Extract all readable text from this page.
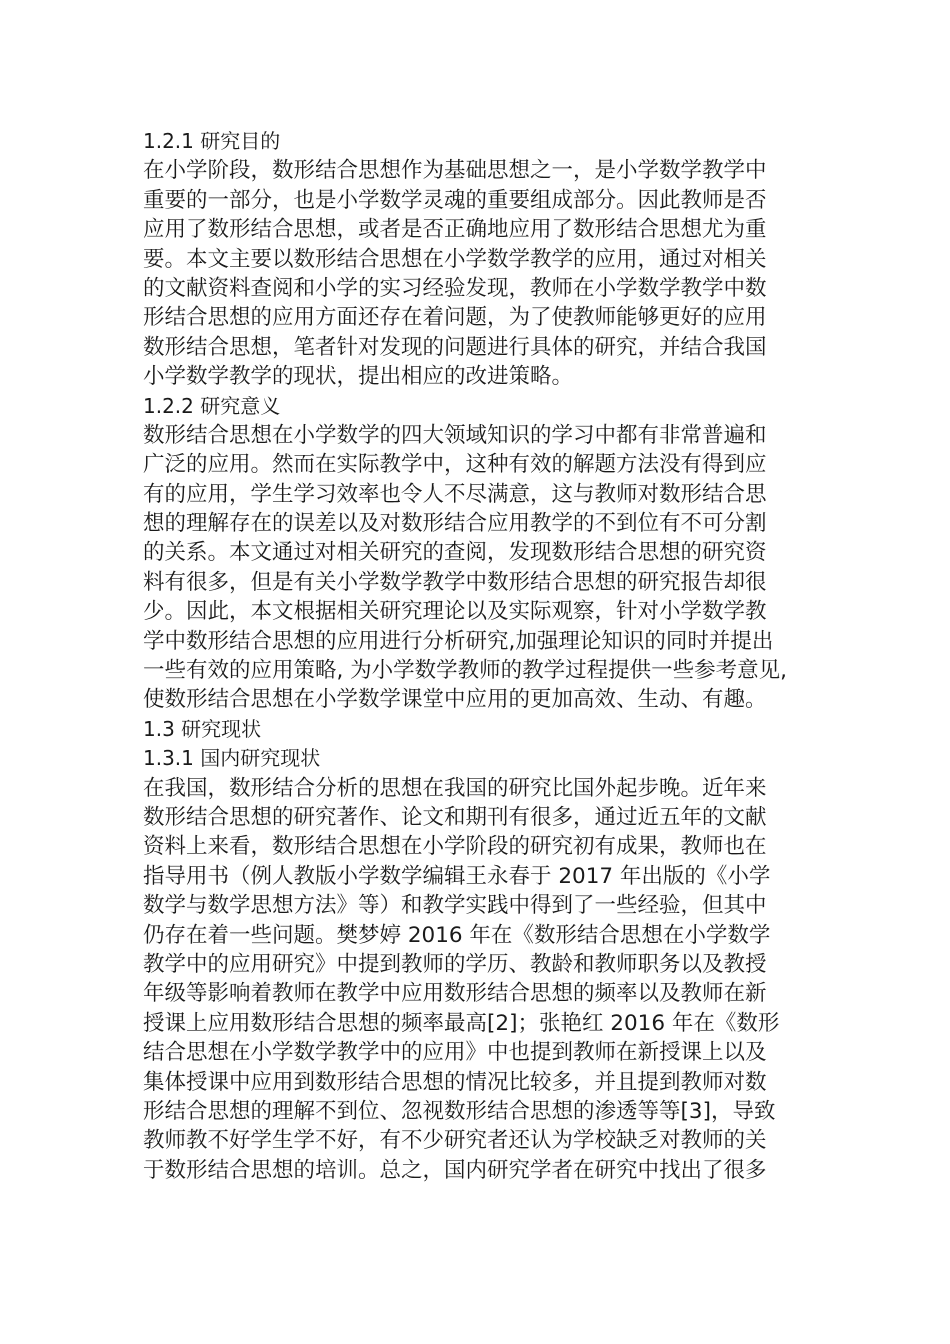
1.2.1 研究目的
在小学阶段，数形结合思想作为基础思想之一，是小学数学教学中
重要的一部分，也是小学数学灵魂的重要组成部分。因此教师是否
应用了数形结合思想，或者是否正确地应用了数形结合思想尤为重
要。本文主要以数形结合思想在小学数学教学的应用，通过对相关
的文献资料查阅和小学的实习经验发现，教师在小学数学教学中数
形结合思想的应用方面还存在着问题，为了使教师能够更好的应用
数形结合思想，笔者针对发现的问题进行具体的研究，并结合我国
小学数学教学的现状，提出相应的改进策略。
1.2.2 研究意义
数形结合思想在小学数学的四大领域知识的学习中都有非常普遍和
广泛的应用。然而在实际教学中，这种有效的解题方法没有得到应
有的应用，学生学习效率也令人不尽满意，这与教师对数形结合思
想的理解存在的误差以及对数形结合应用教学的不到位有不可分割
的关系。本文通过对相关研究的查阅，发现数形结合思想的研究资
料有很多，但是有关小学数学教学中数形结合思想的研究报告却很
少。因此，本文根据相关研究理论以及实际观察，针对小学数学教
学中数形结合思想的应用进行分析研究,加强理论知识的同时并提出
一些有效的应用策略, 为小学数学教师的教学过程提供一些参考意见,
使数形结合思想在小学数学课堂中应用的更加高效、生动、有趣。
1.3 研究现状
1.3.1 国内研究现状
在我国，数形结合分析的思想在我国的研究比国外起步晚。近年来
数形结合思想的研究著作、论文和期刊有很多，通过近五年的文献
资料上来看，数形结合思想在小学阶段的研究初有成果，教师也在
指导用书（例人教版小学数学编辑王永春于 2017 年出版的《小学
数学与数学思想方法》等）和教学实践中得到了一些经验，但其中
仍存在着一些问题。樊梦婷 2016 年在《数形结合思想在小学数学
教学中的应用研究》中提到教师的学历、教龄和教师职务以及教授
年级等影响着教师在教学中应用数形结合思想的频率以及教师在新
授课上应用数形结合思想的频率最高[2]；张艳红 2016 年在《数形
结合思想在小学数学教学中的应用》中也提到教师在新授课上以及
集体授课中应用到数形结合思想的情况比较多，并且提到教师对数
形结合思想的理解不到位、忽视数形结合思想的渗透等等[3]，导致
教师教不好学生学不好，有不少研究者还认为学校缺乏对教师的关
于数形结合思想的培训。总之，国内研究学者在研究中找出了很多
